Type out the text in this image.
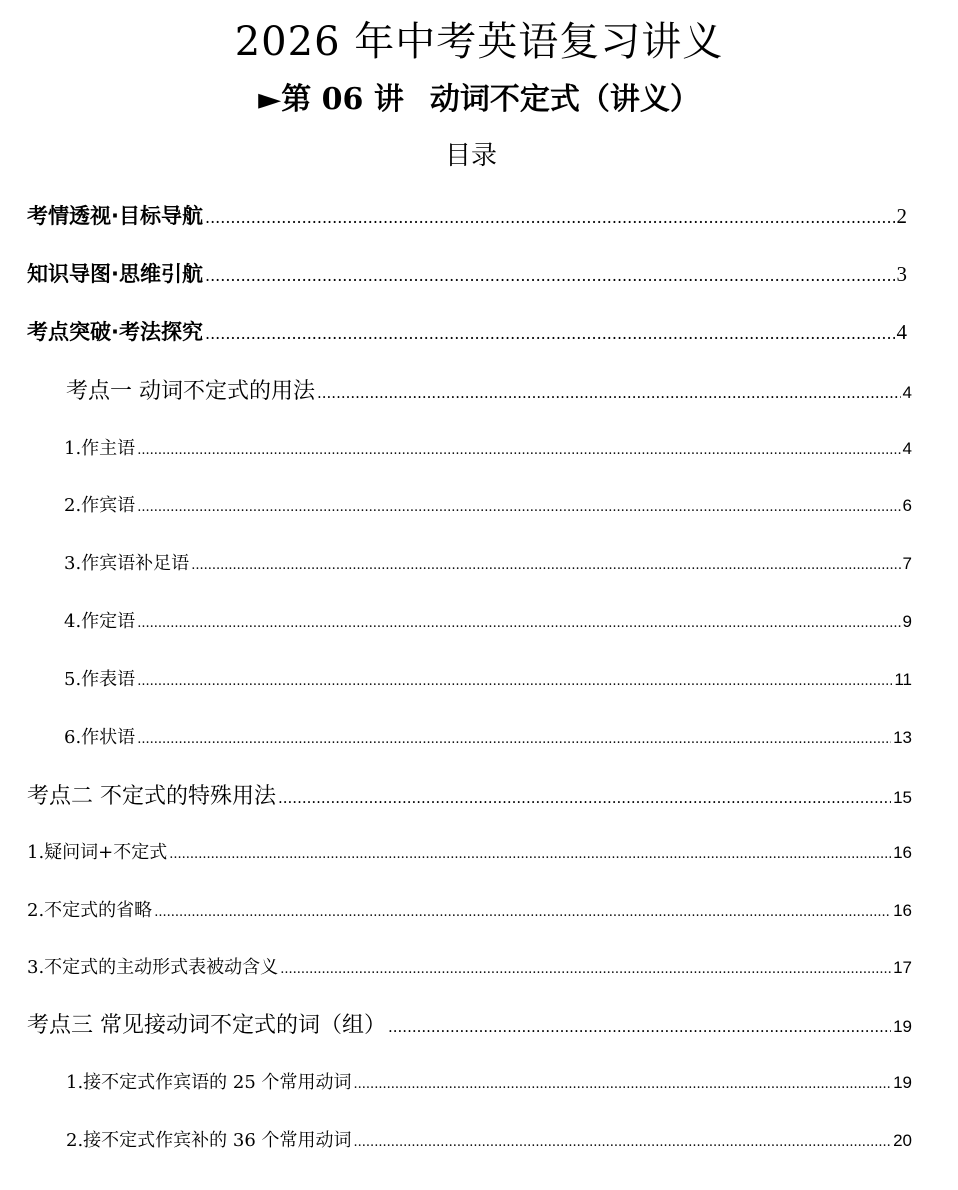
2026 年中考英语复习讲义
►第 06 讲 动词不定式（讲义）
目录
考情透视·目标导航 .....	2
知识导图·思维引航 .....	3
考点突破·考法探究 .....	4
考点一 动词不定式的用法 .....	4
1.作主语 .....	4
2.作宾语 .....	6
3.作宾语补足语 .....	7
4.作定语 .....	9
5.作表语 .....	11
6.作状语 .....	13
考点二 不定式的特殊用法 .....	15
1.疑问词+不定式 .....	16
2.不定式的省略 .....	16
3.不定式的主动形式表被动含义 .....	17
考点三 常见接动词不定式的词（组） .....	19
1.接不定式作宾语的 25 个常用动词 .....	19
2.接不定式作宾补的 36 个常用动词 .....	20
